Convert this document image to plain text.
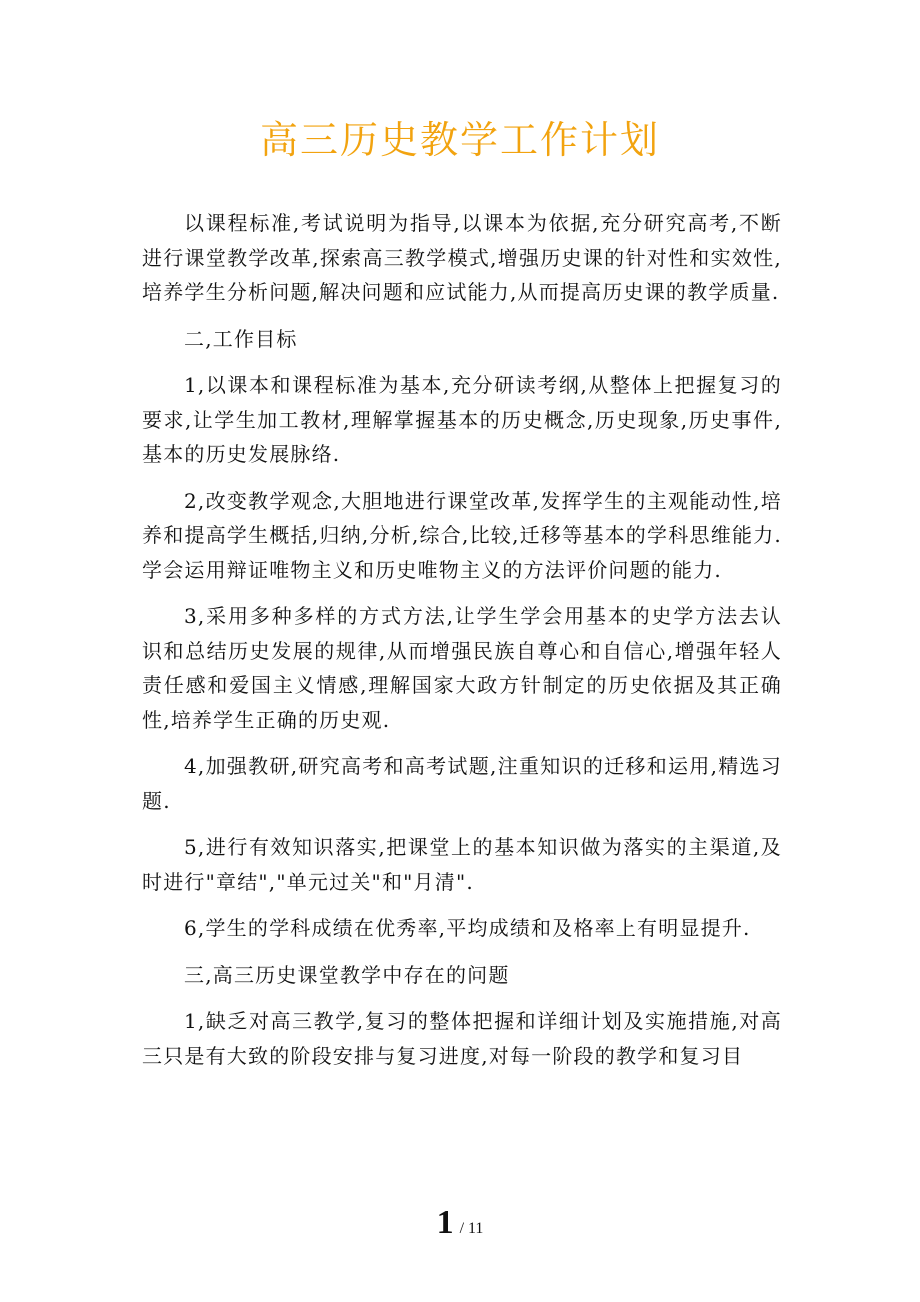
高三历史教学工作计划

以课程标准,考试说明为指导,以课本为依据,充分研究高考,不断进行课堂教学改革,探索高三教学模式,增强历史课的针对性和实效性,培养学生分析问题,解决问题和应试能力,从而提高历史课的教学质量.

二,工作目标

1,以课本和课程标准为基本,充分研读考纲,从整体上把握复习的要求,让学生加工教材,理解掌握基本的历史概念,历史现象,历史事件,基本的历史发展脉络.

2,改变教学观念,大胆地进行课堂改革,发挥学生的主观能动性,培养和提高学生概括,归纳,分析,综合,比较,迁移等基本的学科思维能力.学会运用辩证唯物主义和历史唯物主义的方法评价问题的能力.

3,采用多种多样的方式方法,让学生学会用基本的史学方法去认识和总结历史发展的规律,从而增强民族自尊心和自信心,增强年轻人责任感和爱国主义情感,理解国家大政方针制定的历史依据及其正确性,培养学生正确的历史观.

4,加强教研,研究高考和高考试题,注重知识的迁移和运用,精选习题.

5,进行有效知识落实,把课堂上的基本知识做为落实的主渠道,及时进行"章结","单元过关"和"月清".

6,学生的学科成绩在优秀率,平均成绩和及格率上有明显提升.

三,高三历史课堂教学中存在的问题

1,缺乏对高三教学,复习的整体把握和详细计划及实施措施,对高三只是有大致的阶段安排与复习进度,对每一阶段的教学和复习目

1 / 11
